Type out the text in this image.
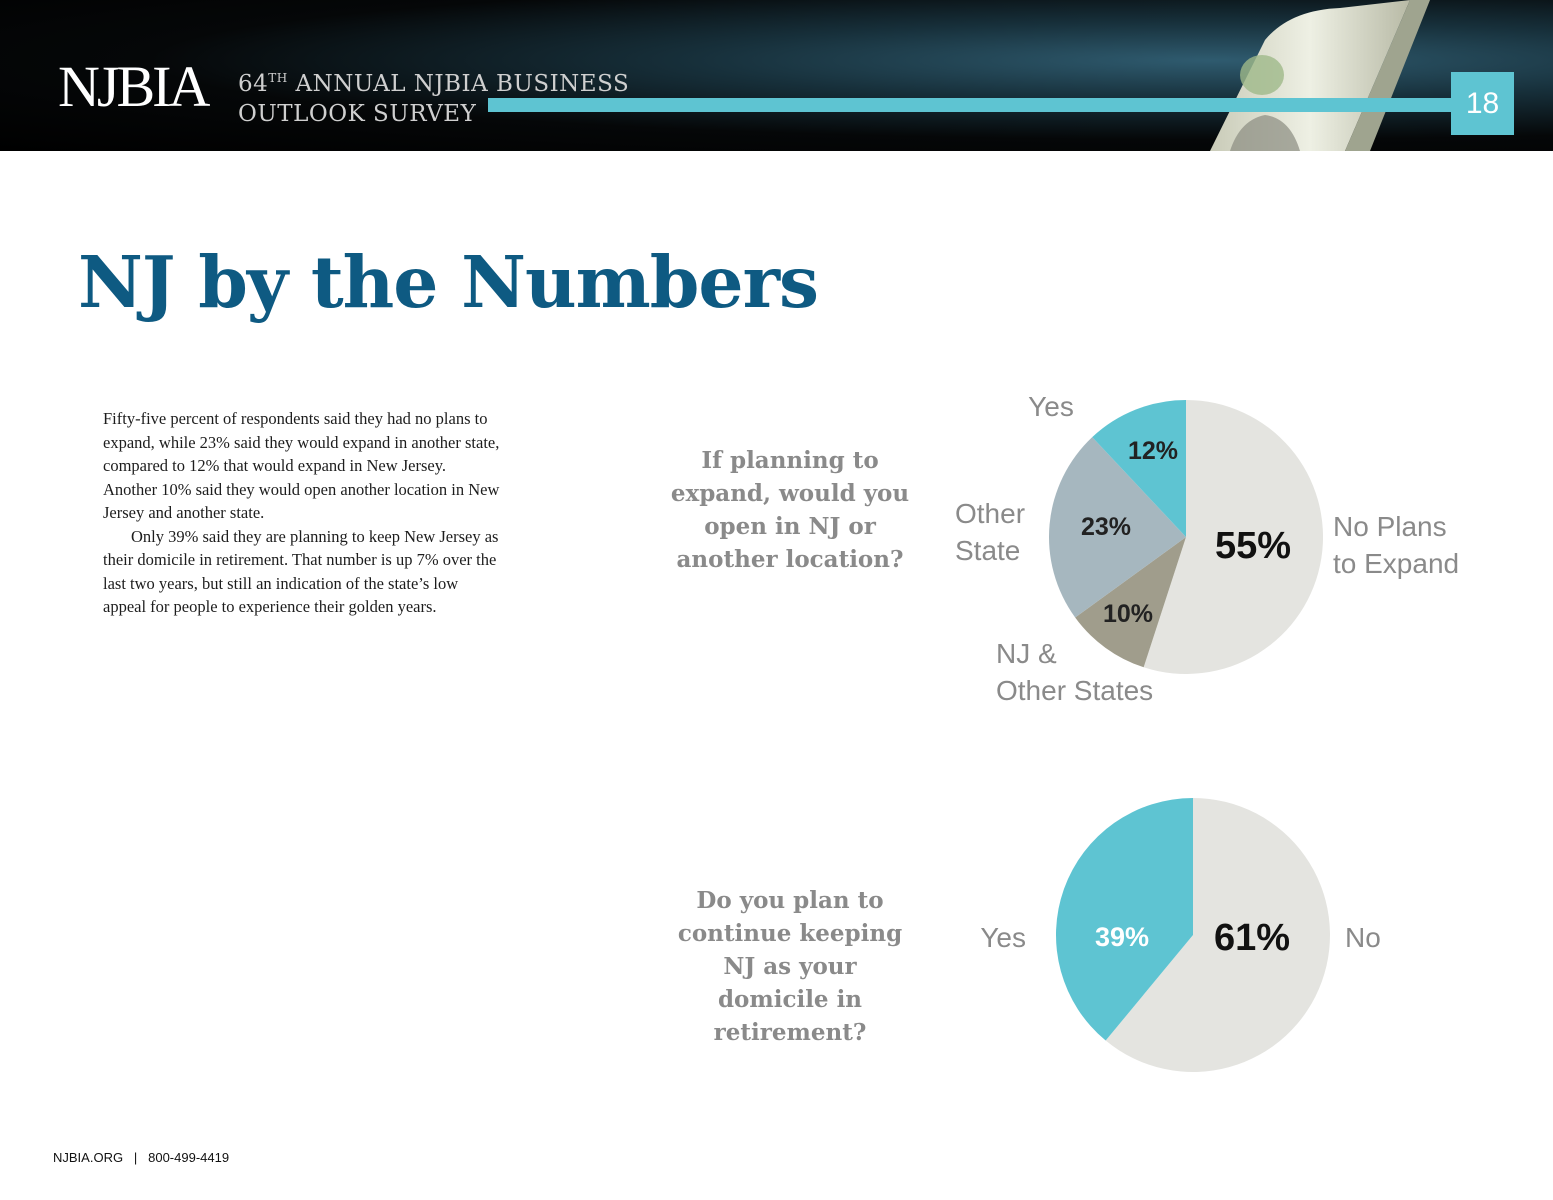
NJBIA 64TH ANNUAL NJBIA BUSINESS
OUTLOOK SURVEY	18
NJ by the Numbers

Fifty-five percent of respondents said they had no plans to expand, while 23% said they would expand in another state, compared to 12% that would expand in New Jersey. Another 10% said they would open another location in New Jersey and another state.

Only 39% said they are planning to keep New Jersey as their domicile in retirement. That number is up 7% over the last two years, but still an indication of the state’s low appeal for people to experience their golden years.

If planning to expand, would you open in NJ or another location?
Do you plan to continue keeping NJ as your domicile in retirement?
55% No Plans to Expand
10%
NJ & Other States
23%
Other State
12%
Yes
61% No
39%
Yes
NJBIA.ORG   |   800-499-4419
